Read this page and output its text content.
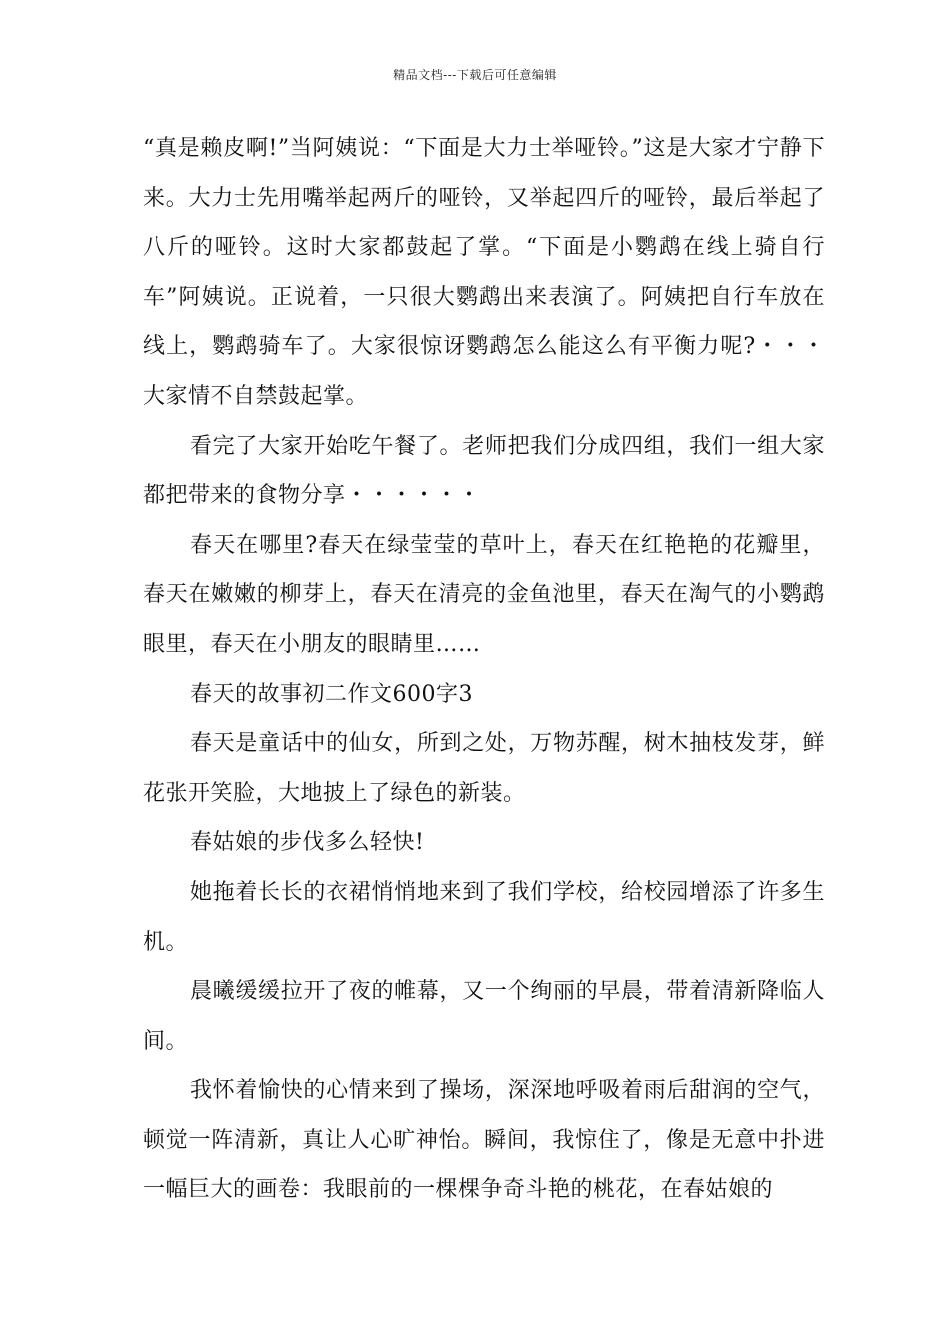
精品文档---下载后可任意编辑

“真是赖皮啊!”当阿姨说：“下面是大力士举哑铃。”这是大家才宁静下来。大力士先用嘴举起两斤的哑铃，又举起四斤的哑铃，最后举起了八斤的哑铃。这时大家都鼓起了掌。“下面是小鹦鹉在线上骑自行车”阿姨说。正说着，一只很大鹦鹉出来表演了。阿姨把自行车放在线上，鹦鹉骑车了。大家很惊讶鹦鹉怎么能这么有平衡力呢?・・・大家情不自禁鼓起掌。

看完了大家开始吃午餐了。老师把我们分成四组，我们一组大家都把带来的食物分享・・・・・・

春天在哪里?春天在绿莹莹的草叶上，春天在红艳艳的花瓣里，春天在嫩嫩的柳芽上，春天在清亮的金鱼池里，春天在淘气的小鹦鹉眼里，春天在小朋友的眼睛里……

春天的故事初二作文600字3

春天是童话中的仙女，所到之处，万物苏醒，树木抽枝发芽，鲜花张开笑脸，大地披上了绿色的新装。

春姑娘的步伐多么轻快!

她拖着长长的衣裙悄悄地来到了我们学校，给校园增添了许多生机。

晨曦缓缓拉开了夜的帷幕，又一个绚丽的早晨，带着清新降临人间。

我怀着愉快的心情来到了操场，深深地呼吸着雨后甜润的空气，顿觉一阵清新，真让人心旷神怡。瞬间，我惊住了，像是无意中扑进一幅巨大的画卷：我眼前的一棵棵争奇斗艳的桃花，在春姑娘的
